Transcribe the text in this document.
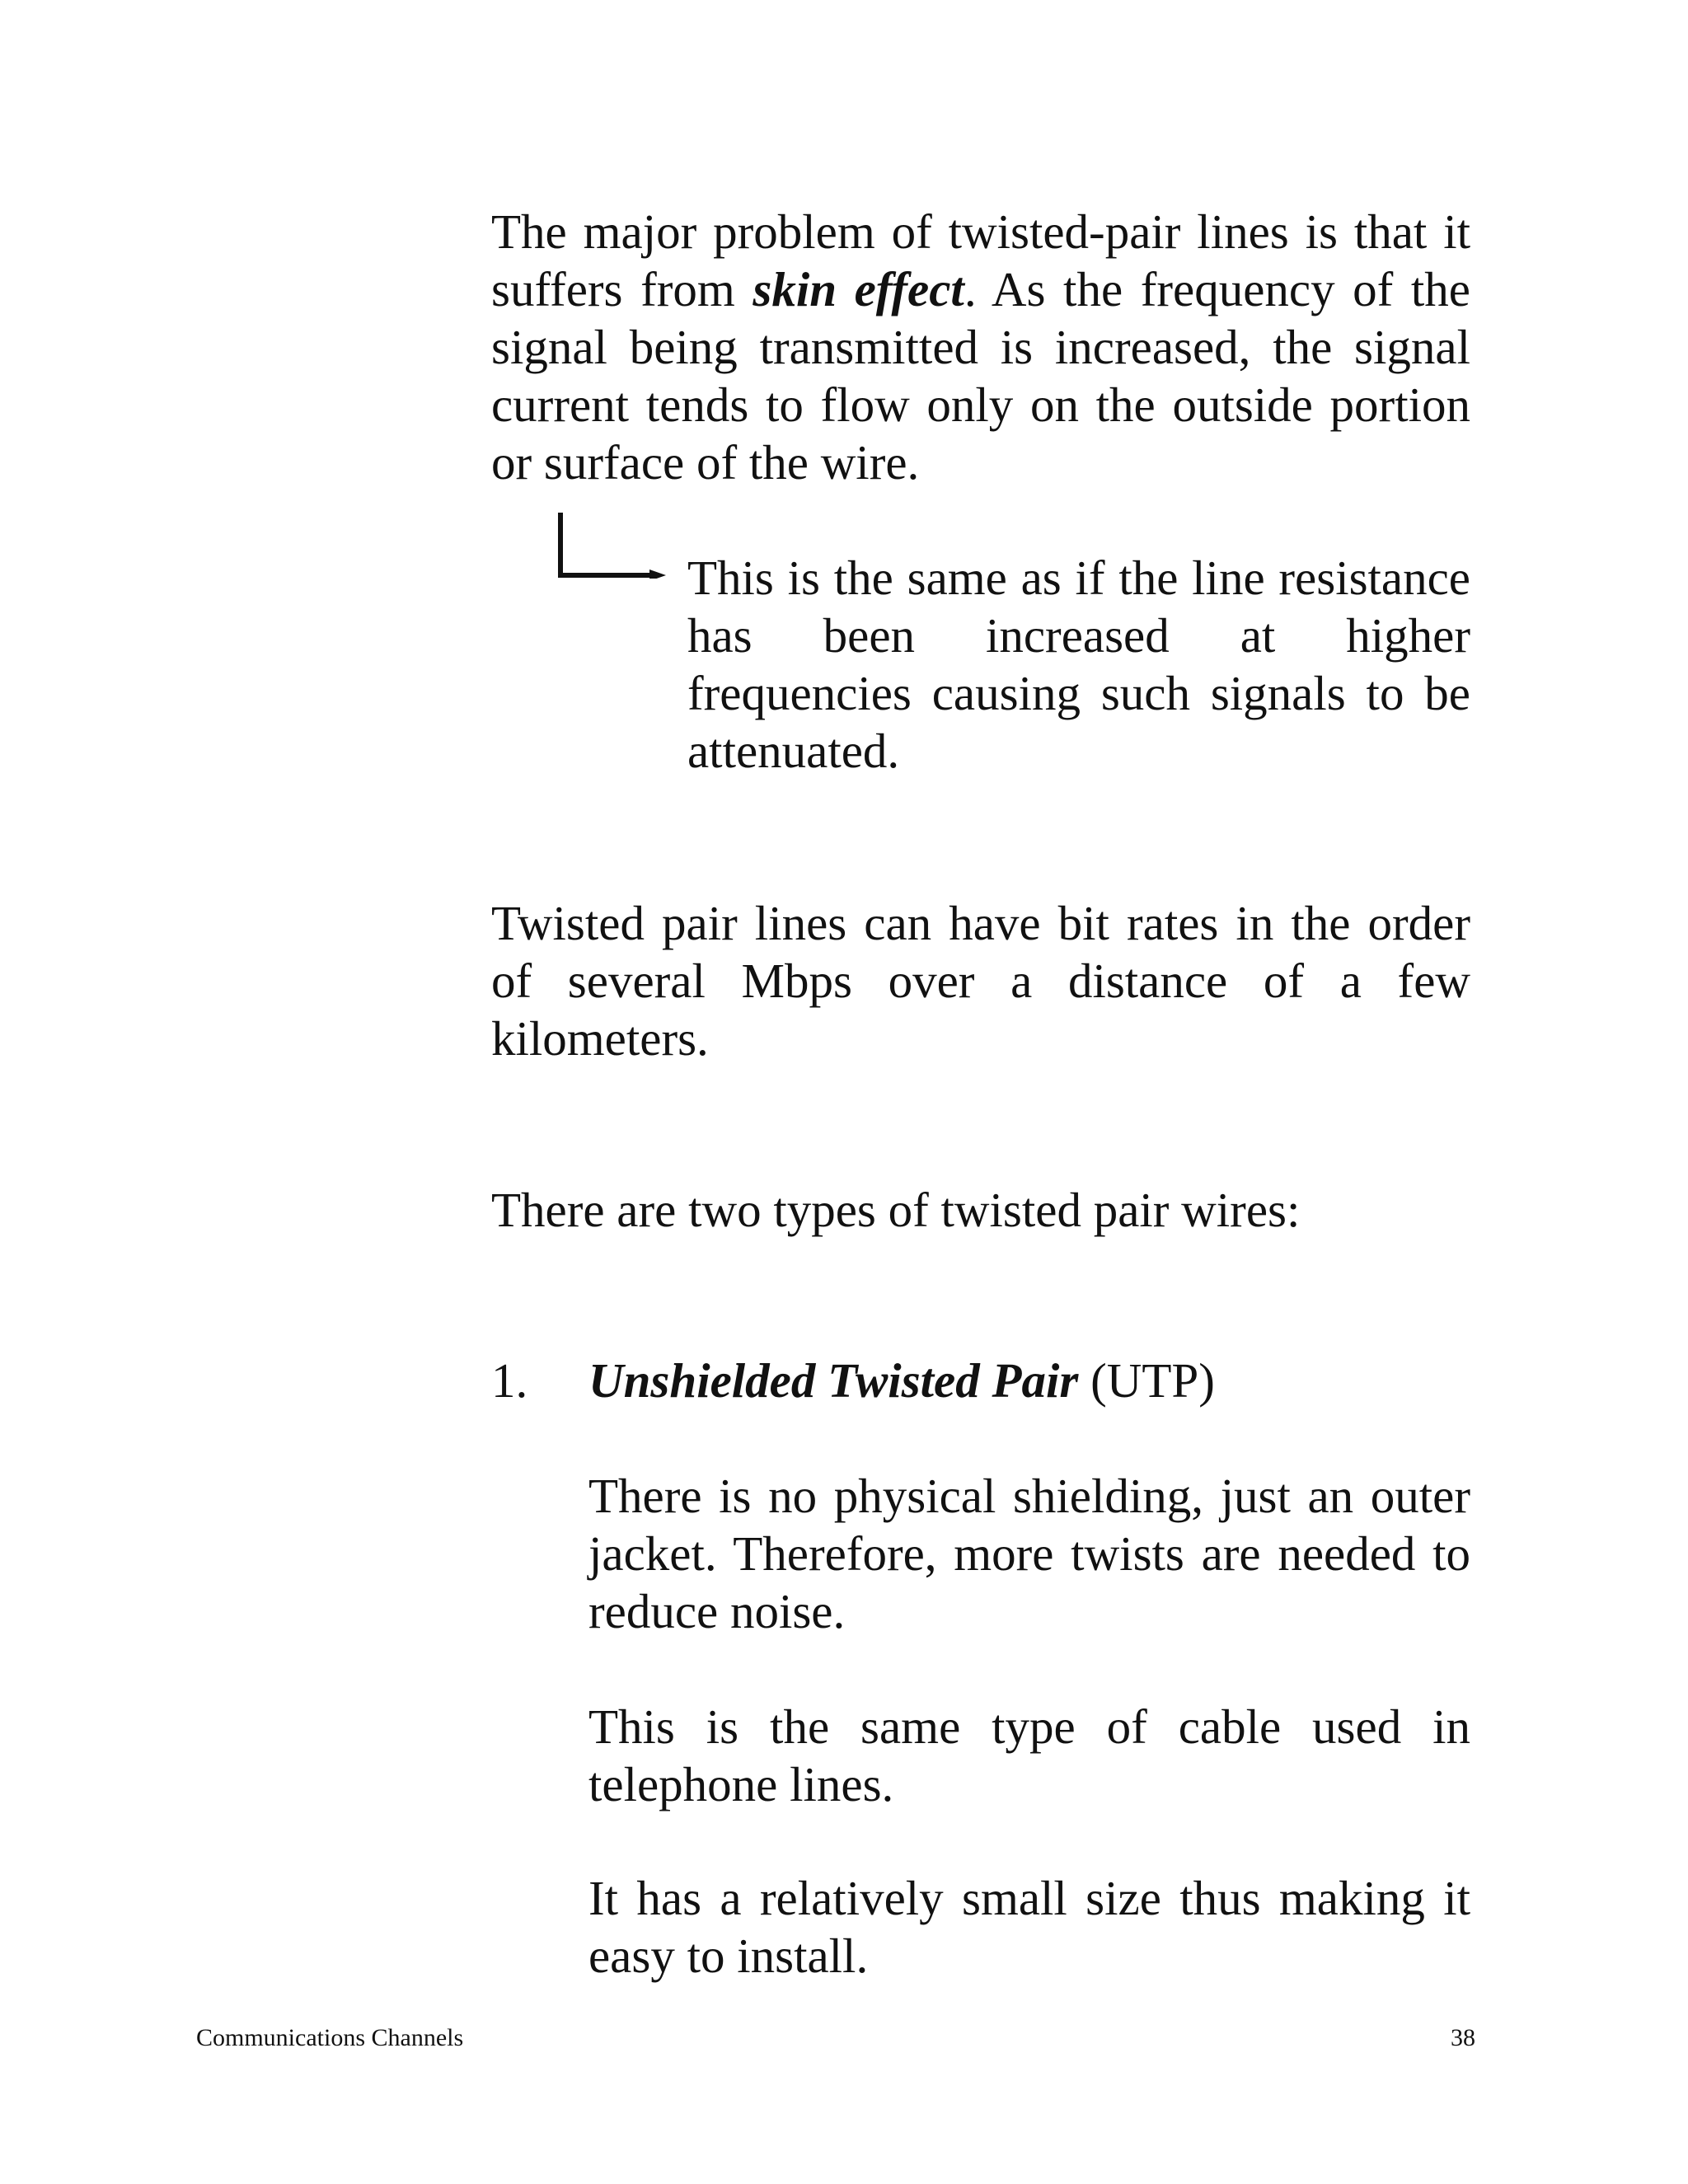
The major problem of twisted-pair lines is that it suffers from skin effect. As the frequency of the signal being transmitted is increased, the signal current tends to flow only on the outside portion or surface of the wire.

This is the same as if the line resistance has been increased at higher frequencies causing such signals to be attenuated.

Twisted pair lines can have bit rates in the order of several Mbps over a distance of a few kilometers.

There are two types of twisted pair wires:

1. Unshielded Twisted Pair (UTP)

There is no physical shielding, just an outer jacket. Therefore, more twists are needed to reduce noise.

This is the same type of cable used in telephone lines.

It has a relatively small size thus making it easy to install.

Communications Channels	38
